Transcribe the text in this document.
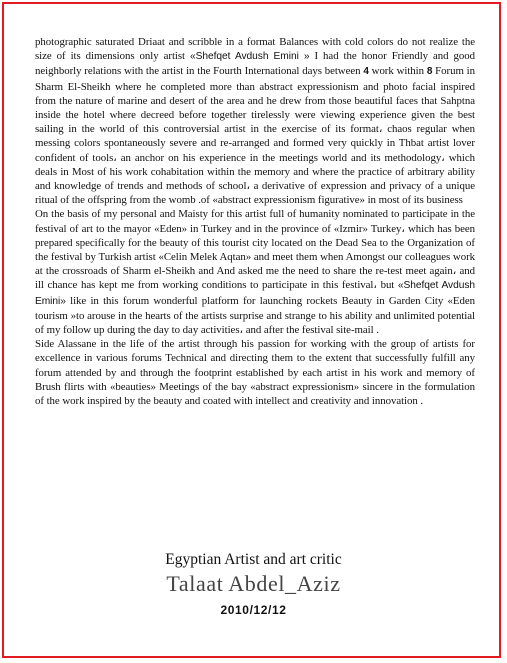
photographic saturated Driaat and scribble in a format Balances with cold colors do not realize the size of its dimensions only artist «Shefqet Avdush Emini » I had the honor Friendly and good neighborly relations with the artist in the Fourth International days between 4 work within 8 Forum in Sharm El-Sheikh where he completed more than abstract expressionism and photo facial inspired from the nature of marine and desert of the area and he drew from those beautiful faces that Sahptna inside the hotel where decreed before together tirelessly were viewing experience given the best sailing in the world of this controversial artist in the exercise of its format، chaos regular when messing colors spontaneously severe and re-arranged and formed very quickly in Thbat artist lover confident of tools، an anchor on his experience in the meetings world and its methodology، which deals in Most of his work cohabitation within the memory and where the practice of arbitrary ability and knowledge of trends and methods of school، a derivative of expression and privacy of a unique ritual of the offspring from the womb .of «abstract expressionism figurative» in most of its business

On the basis of my personal and Maisty for this artist full of humanity nominated to participate in the festival of art to the mayor «Eden» in Turkey and in the province of «Izmir» Turkey، which has been prepared specifically for the beauty of this tourist city located on the Dead Sea to the Organization of the festival by Turkish artist «Celin Melek Aqtan» and meet them when Amongst our colleagues work at the crossroads of Sharm el-Sheikh and And asked me the need to share the re-test meet again، and ill chance has kept me from working conditions to participate in this festival، but «Shefqet Avdush Emini» like in this forum wonderful platform for launching rockets Beauty in Garden City «Eden tourism »to arouse in the hearts of the artists surprise and strange to his ability and unlimited potential of my follow up during the day to day activities، and after the festival site-mail .

Side Alassane in the life of the artist through his passion for working with the group of artists for excellence in various forums Technical and directing them to the extent that successfully fulfill any forum attended by and through the footprint established by each artist in his work and memory of Brush flirts with «beauties» Meetings of the bay «abstract expressionism» sincere in the formulation of the work inspired by the beauty and coated with intellect and creativity and innovation .

Egyptian Artist and art critic
Talaat Abdel_Aziz
2010/12/12
